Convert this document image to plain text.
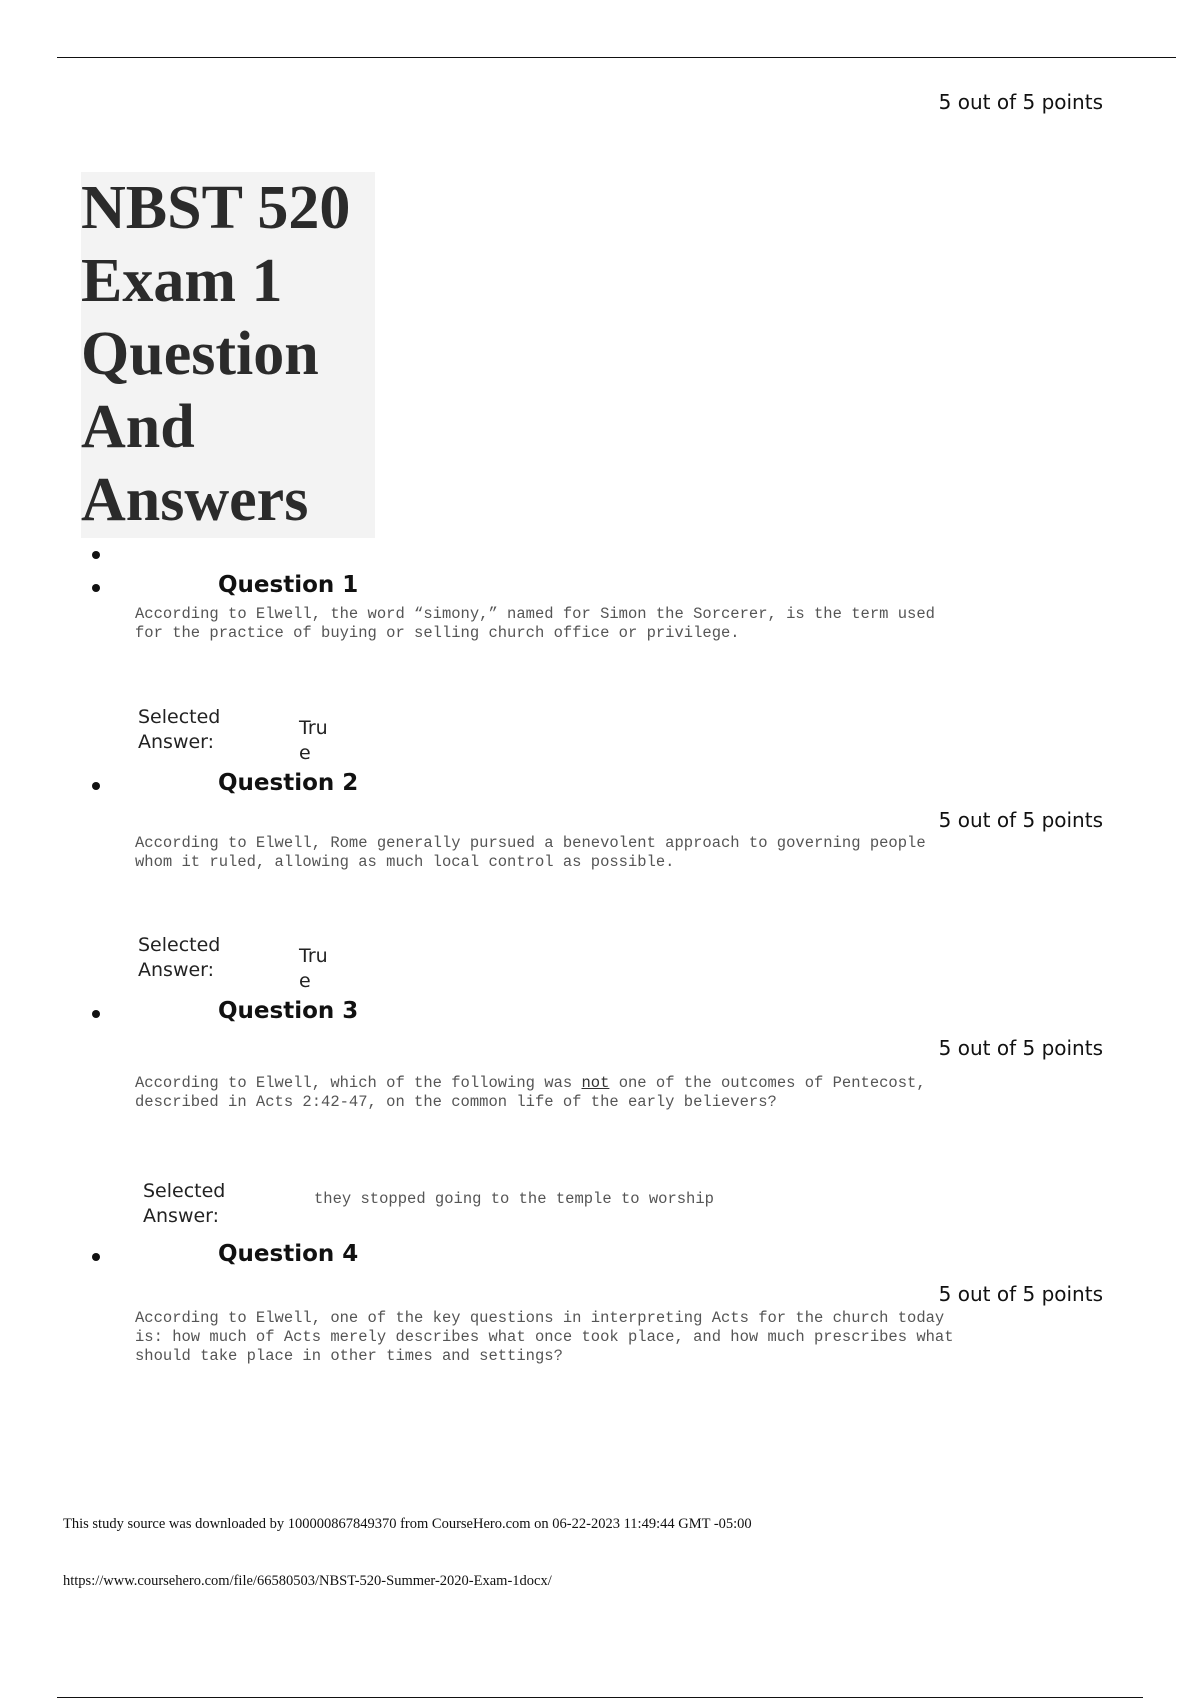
5 out of 5 points
NBST 520
Exam 1
Question
And
Answers
Question 1

According to Elwell, the word “simony,” named for Simon the Sorcerer, is the term used
for the practice of buying or selling church office or privilege.

Selected
Answer:
Tru
e
Question 2
5 out of 5 points

According to Elwell, Rome generally pursued a benevolent approach to governing people
whom it ruled, allowing as much local control as possible.

Selected
Answer:
Tru
e
Question 3
5 out of 5 points

According to Elwell, which of the following was not one of the outcomes of Pentecost,
described in Acts 2:42-47, on the common life of the early believers?

Selected
Answer:
they stopped going to the temple to worship
Question 4
5 out of 5 points

According to Elwell, one of the key questions in interpreting Acts for the church today
is: how much of Acts merely describes what once took place, and how much prescribes what
should take place in other times and settings?

This study source was downloaded by 100000867849370 from CourseHero.com on 06-22-2023 11:49:44 GMT -05:00
https://www.coursehero.com/file/66580503/NBST-520-Summer-2020-Exam-1docx/
